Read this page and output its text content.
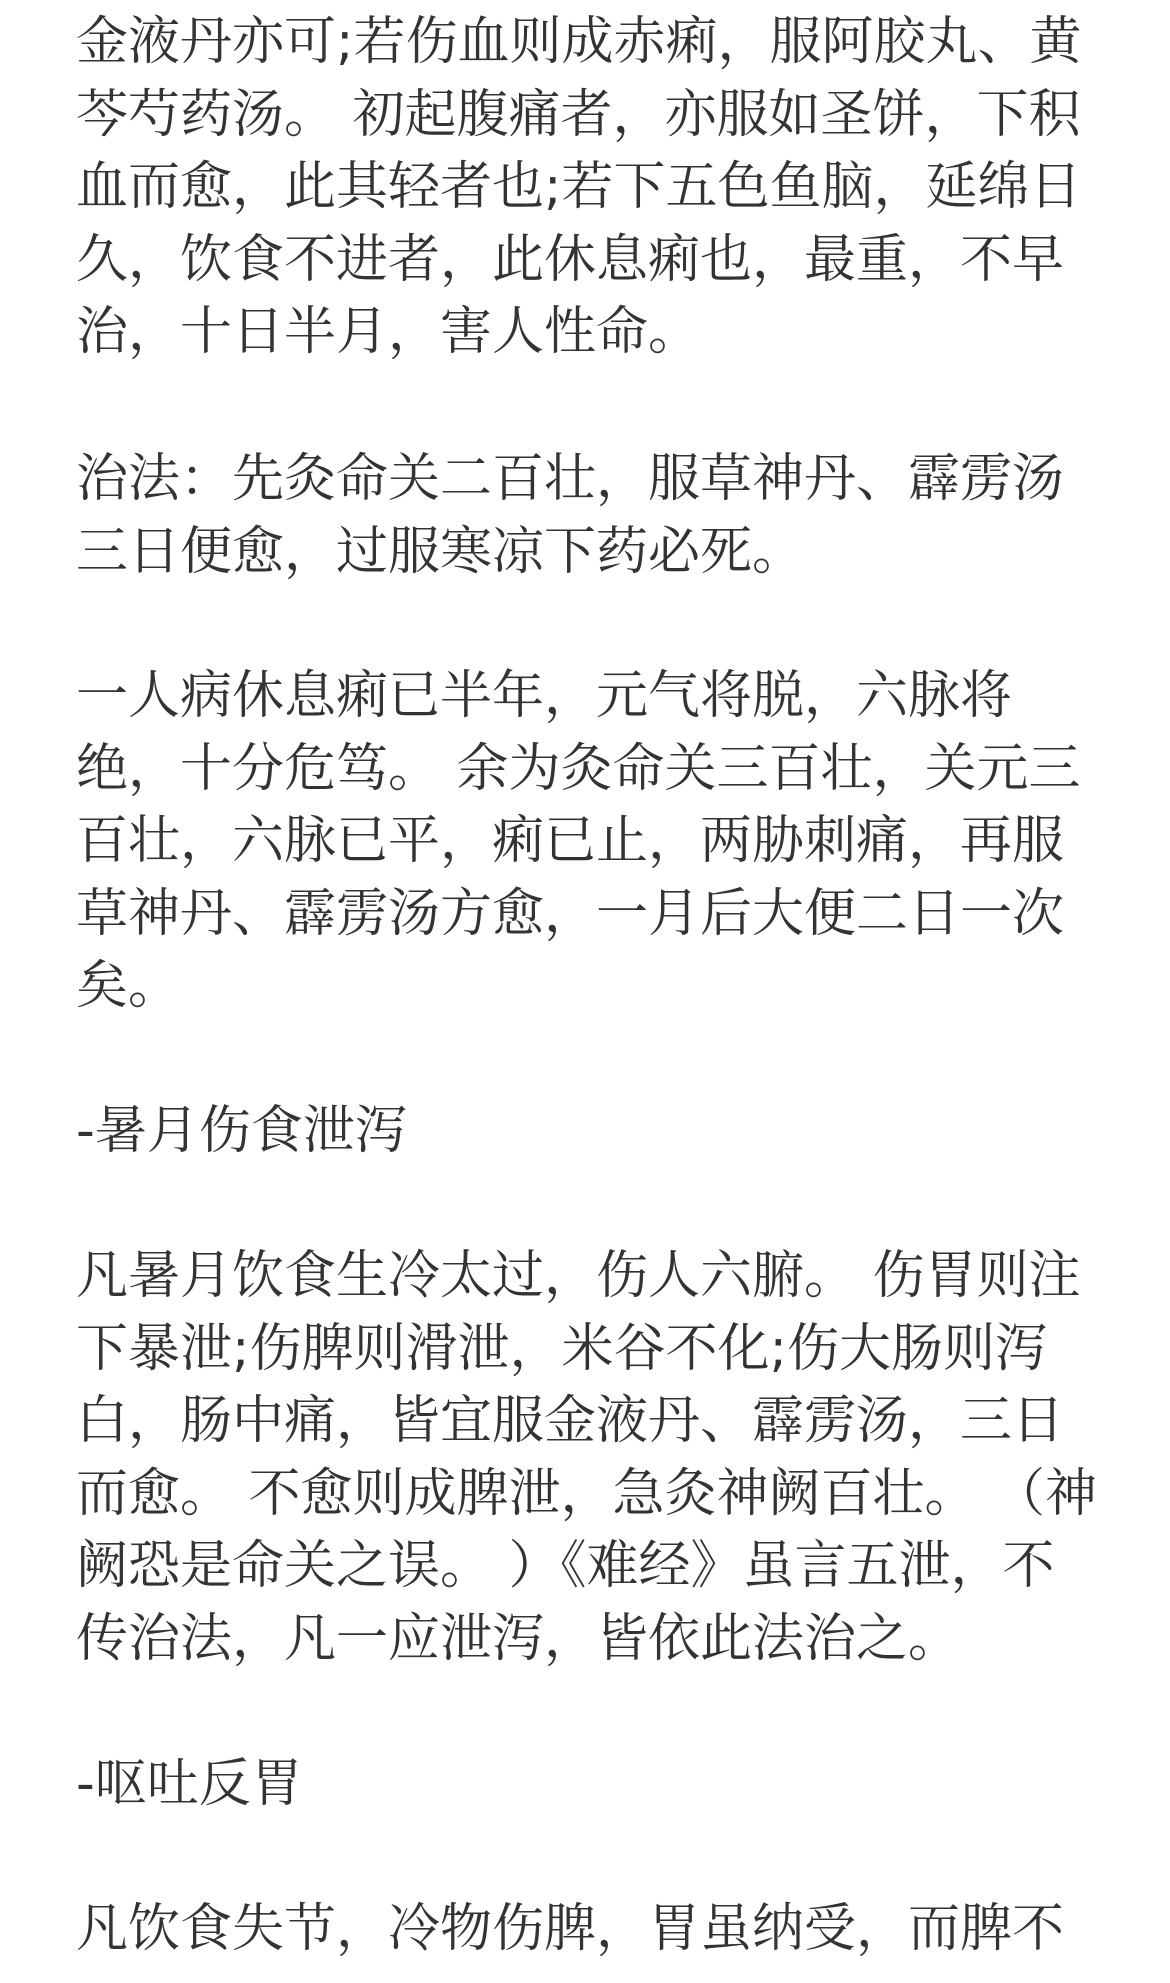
金液丹亦可;若伤血则成赤痢，服阿胶丸、黄
芩芍药汤。 初起腹痛者，亦服如圣饼，下积
血而愈，此其轻者也;若下五色鱼脑，延绵日
久，饮食不进者，此休息痢也，最重，不早
治，十日半月，害人性命。
治法：先灸命关二百壮，服草神丹、霹雳汤
三日便愈，过服寒凉下药必死。
一人病休息痢已半年，元气将脱，六脉将
绝，十分危笃。 余为灸命关三百壮，关元三
百壮，六脉已平，痢已止，两胁刺痛，再服
草神丹、霹雳汤方愈，一月后大便二日一次
矣。
-暑月伤食泄泻
凡暑月饮食生冷太过，伤人六腑。 伤胃则注
下暴泄;伤脾则滑泄，米谷不化;伤大肠则泻
白，肠中痛，皆宜服金液丹、霹雳汤，三日
而愈。 不愈则成脾泄，急灸神阙百壮。 （神
阙恐是命关之误。 ）《难经》虽言五泄，不
传治法，凡一应泄泻，皆依此法治之。
-呕吐反胃
凡饮食失节，冷物伤脾，胃虽纳受，而脾不
